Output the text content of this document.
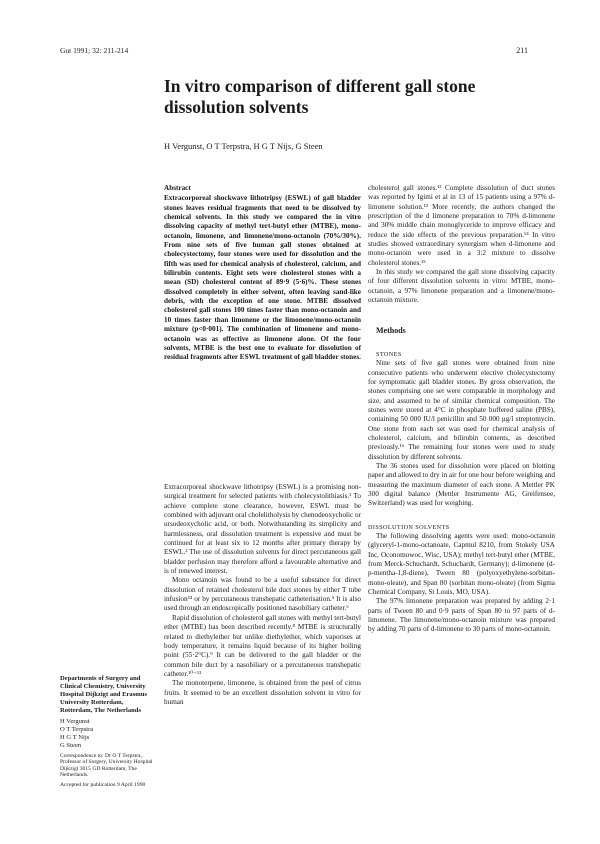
Gut 1991; 32: 211-214	211
In vitro comparison of different gall stone dissolution solvents
H Vergunst, O T Terpstra, H G T Nijs, G Steen

Abstract

Extracorporeal shockwave lithotripsy (ESWL) of gall bladder stones leaves residual fragments that need to be dissolved by chemical solvents. In this study we compared the in vitro dissolving capacity of methyl tert-butyl ether (MTBE), mono-octanoin, limonene, and limonene/mono-octanoin (70%/30%). From nine sets of five human gall stones obtained at cholecystectomy, four stones were used for dissolution and the fifth was used for chemical analysis of cholesterol, calcium, and bilirubin contents. Eight sets were cholesterol stones with a mean (SD) cholesterol content of 89·9 (5·6)%. These stones dissolved completely in either solvent, often leaving sand-like debris, with the exception of one stone. MTBE dissolved cholesterol gall stones 100 times faster than mono-octanoin and 10 times faster than limonene or the limonene/mono-octanoin mixture (p<0·001). The combination of limonene and mono-octanoin was as effective as limonene alone. Of the four solvents, MTBE is the best one to evaluate for dissolution of residual fragments after ESWL treatment of gall bladder stones.

Extracorporeal shockwave lithotripsy (ESWL) is a promising non-surgical treatment for selected patients with cholecystolithiasis.¹ To achieve complete stone clearance, however, ESWL must be combined with adjuvant oral cholelitholysis by chenodeoxycholic or ursodeoxycholic acid, or both. Notwithstanding its simplicity and harmlessness, oral dissolution treatment is expensive and must be continued for at least six to 12 months after primary therapy by ESWL.² The use of dissolution solvents for direct percutaneous gall bladder perfusion may therefore afford a favourable alternative and is of renewed interest.

Mono octanoin was found to be a useful substance for direct dissolution of retained cholesterol bile duct stones by either T tube infusion³⁴ or by percutaneous transhepatic catheterisation.⁵ It is also used through an endoscopically positioned nasobiliary catheter.⁶

Rapid dissolution of cholesterol gall stones with methyl tert-butyl ether (MTBE) has been described recently.⁸ MTBE is structurally related to diethylether but unlike diethylether, which vaporises at body temperature, it remains liquid because of its higher boiling point (55·2°C).⁹ It can be delivered to the gall bladder or the common bile duct by a nasobiliary or a percutaneous transhepatic catheter.¹⁰⁻¹¹

The monoterpene, limonene, is obtained from the peel of citrus fruits. It seemed to be an excellent dissolution solvent in vitro for human

cholesterol gall stones.¹² Complete dissolution of duct stones was reported by Igimi et al in 13 of 15 patients using a 97% d-limonene solution.¹³ More recently, the authors changed the prescription of the d limonene preparation to 70% d-limonene and 30% middle chain monoglyceride to improve efficacy and reduce the side effects of the previous preparation.¹⁴ In vitro studies showed extraordinary synergism when d-limonene and mono-octanoin were used in a 3:2 mixture to dissolve cholesterol stones.¹⁵

In this study we compared the gall stone dissolving capacity of four different dissolution solvents in vitro: MTBE, mono-octanoin, a 97% limonene preparation and a limonene/mono-octanoin mixture.

Methods

STONES

Nine sets of five gall stones were obtained from nine consecutive patients who underwent elective cholecystectomy for symptomatic gall bladder stones. By gross observation, the stones comprising one set were comparable in morphology and size, and assumed to be of similar chemical composition. The stones were stored at 4°C in phosphate buffered saline (PBS), containing 50 000 IU/l penicillin and 50 000 μg/l streptomycin. One stone from each set was used for chemical analysis of cholesterol, calcium, and bilirubin contents, as described previously.¹⁶ The remaining four stones were used to study dissolution by different solvents.

The 36 stones used for dissolution were placed on blotting paper and allowed to dry in air for one hour before weighing and measuring the maximum diameter of each stone. A Mettler PK 300 digital balance (Mettler Instrumente AG, Greifensee, Switzerland) was used for weighing.

DISSOLUTION SOLVENTS

The following dissolving agents were used: mono-octanoin (glyceryl-1-mono-octanoate, Capmul 8210, from Stokely USA Inc, Oconomowoc, Wisc, USA); methyl tert-butyl ether (MTBE, from Merck-Schuchardt, Schuchardt, Germany); d-limonene (d-p-mentha-1,8-diene), Tween 80 (polyoxyethylene-sorbitan-mono-oleate), and Span 80 (sorbitan mono-oleate) (from Sigma Chemical Company, St Louis, MO, USA).

The 97% limonene preparation was prepared by adding 2·1 parts of Tween 80 and 0·9 parts of Span 80 to 97 parts of d-limonene. The limonene/mono-octanoin mixture was prepared by adding 70 parts of d-limonene to 30 parts of mono-octanoin.

Departments of Surgery and Clinical Chemistry, University Hospital Dijkzigt and Erasmus University Rotterdam, Rotterdam, The Netherlands
H Vergunst
O T Terpstra
H G T Nijs
G Steen
Correspondence to: Dr O T Terpstra, Professor of Surgery, University Hospital Dijkzigt 3015 GD Rotterdam, The Netherlands.
Accepted for publication 9 April 1990
